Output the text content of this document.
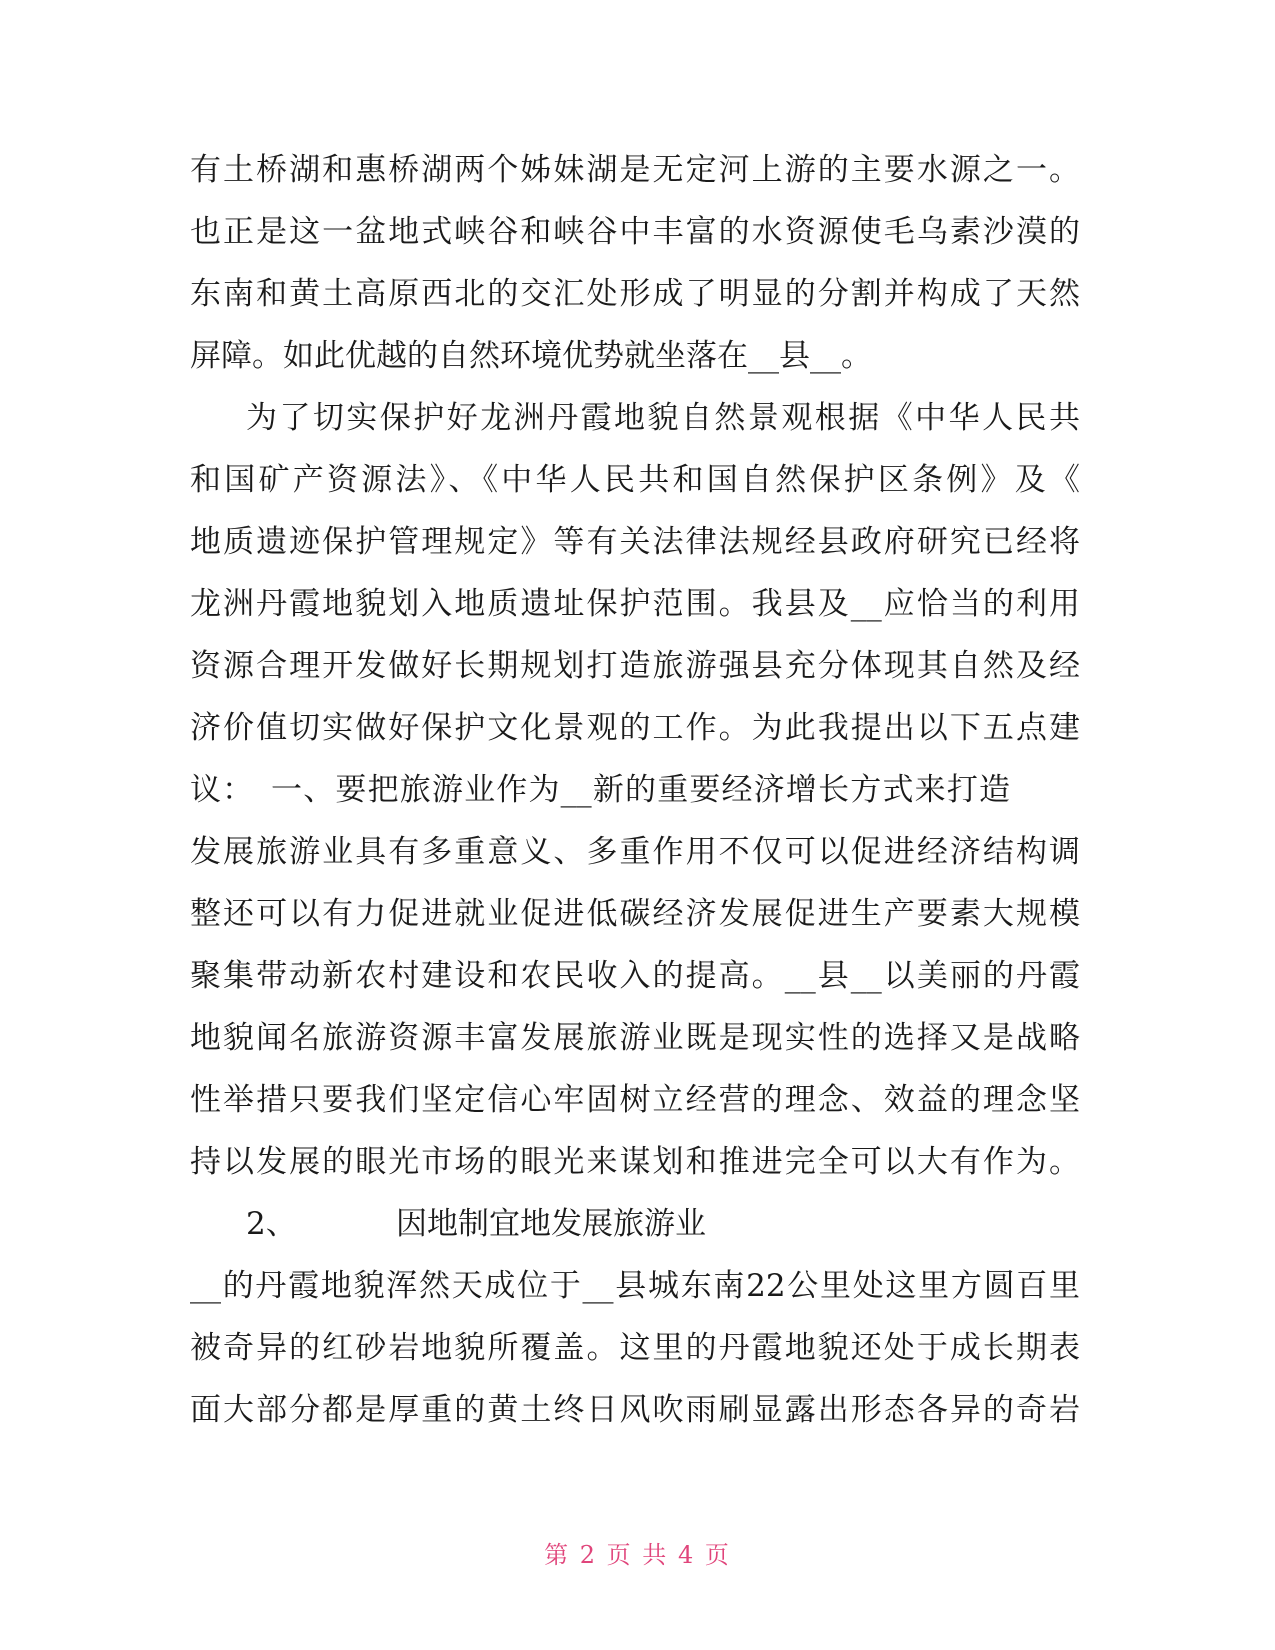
有土桥湖和惠桥湖两个姊妹湖是无定河上游的主要水源之一。
也正是这一盆地式峡谷和峡谷中丰富的水资源使毛乌素沙漠的
东南和黄土高原西北的交汇处形成了明显的分割并构成了天然
屏障。如此优越的自然环境优势就坐落在__县__。
为了切实保护好龙洲丹霞地貌自然景观根据《中华人民共
和国矿产资源法》、《中华人民共和国自然保护区条例》及《
地质遗迹保护管理规定》等有关法律法规经县政府研究已经将
龙洲丹霞地貌划入地质遗址保护范围。我县及__应恰当的利用
资源合理开发做好长期规划打造旅游强县充分体现其自然及经
济价值切实做好保护文化景观的工作。为此我提出以下五点建
议：　一、要把旅游业作为__新的重要经济增长方式来打造
发展旅游业具有多重意义、多重作用不仅可以促进经济结构调
整还可以有力促进就业促进低碳经济发展促进生产要素大规模
聚集带动新农村建设和农民收入的提高。__县__以美丽的丹霞
地貌闻名旅游资源丰富发展旅游业既是现实性的选择又是战略
性举措只要我们坚定信心牢固树立经营的理念、效益的理念坚
持以发展的眼光市场的眼光来谋划和推进完全可以大有作为。
2、	因地制宜地发展旅游业
__的丹霞地貌浑然天成位于__县城东南22公里处这里方圆百里
被奇异的红砂岩地貌所覆盖。这里的丹霞地貌还处于成长期表
面大部分都是厚重的黄土终日风吹雨刷显露出形态各异的奇岩
第 2 页 共 4 页
